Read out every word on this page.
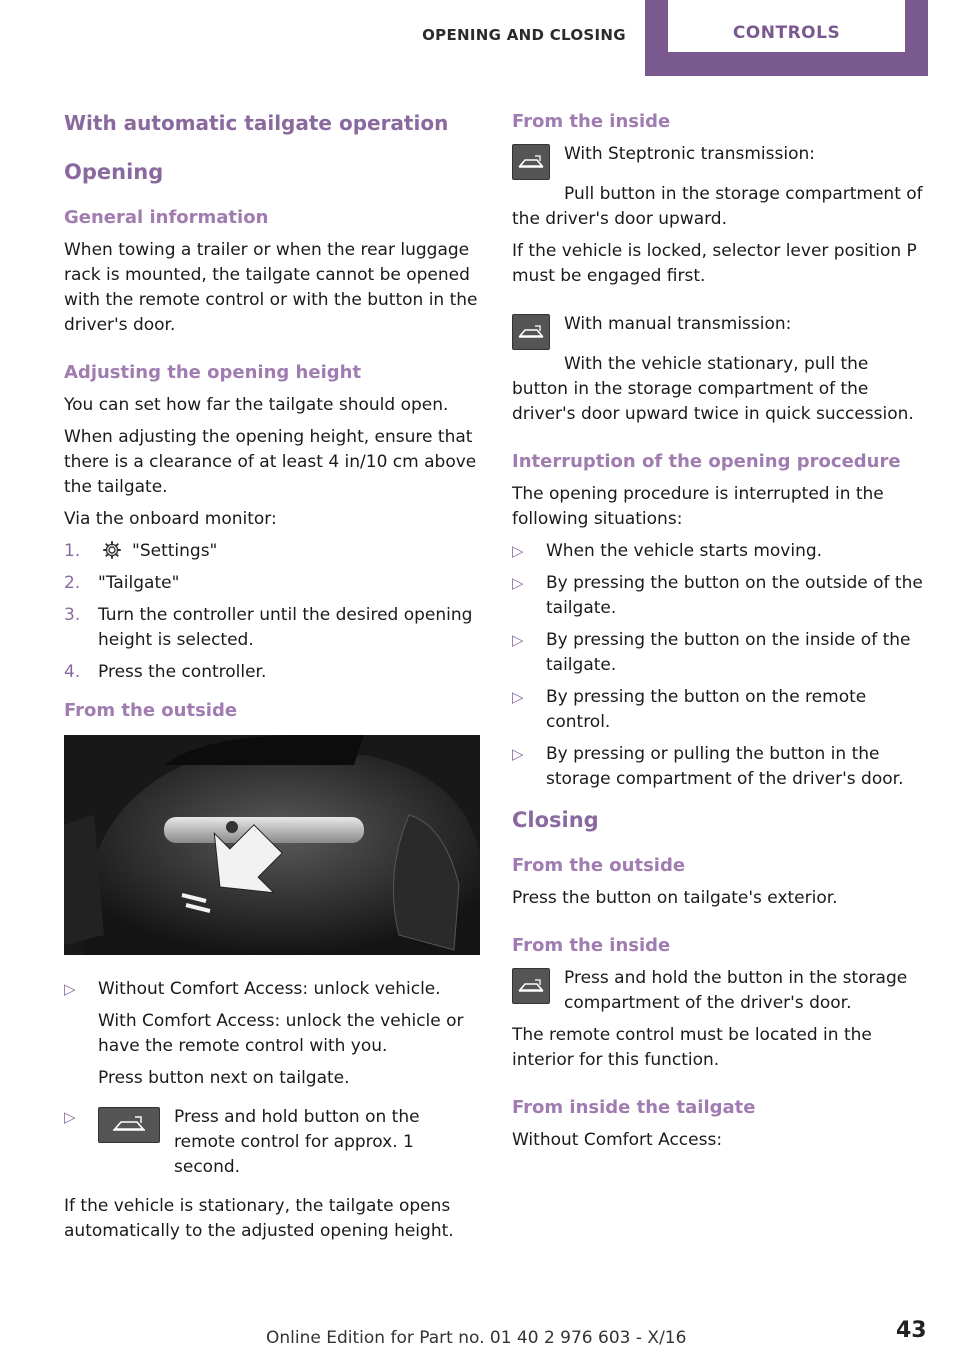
OPENING AND CLOSING	CONTROLS
With automatic tailgate operation
Opening
General information

When towing a trailer or when the rear luggage rack is mounted, the tailgate cannot be opened with the remote control or with the button in the driver's door.

Adjusting the opening height

You can set how far the tailgate should open.

When adjusting the opening height, ensure that there is a clearance of at least 4 in/10 cm above the tailgate.

Via the onboard monitor:

1.	"Settings"
2. "Tailgate"
3. Turn the controller until the desired opening height is selected.
4. Press the controller.
From the outside
▷ Without Comfort Access: unlock vehicle.
With Comfort Access: unlock the vehicle or have the remote control with you.
Press button next on tailgate.
▷	Press and hold button on the remote control for approx. 1 second.

If the vehicle is stationary, the tailgate opens automatically to the adjusted opening height.

From the inside

With Steptronic transmission:

Pull button in the storage compartment of the driver's door upward.

If the vehicle is locked, selector lever position P must be engaged first.

With manual transmission:

With the vehicle stationary, pull the button in the storage compartment of the driver's door upward twice in quick succession.

Interruption of the opening procedure

The opening procedure is interrupted in the following situations:

▷ When the vehicle starts moving.
▷ By pressing the button on the outside of the tailgate.
▷ By pressing the button on the inside of the tailgate.
▷ By pressing the button on the remote control.
▷ By pressing or pulling the button in the storage compartment of the driver's door.
Closing
From the outside

Press the button on tailgate's exterior.

From the inside

Press and hold the button in the storage compartment of the driver's door.

The remote control must be located in the interior for this function.

From inside the tailgate

Without Comfort Access:

Online Edition for Part no. 01 40 2 976 603 - X/16	43
